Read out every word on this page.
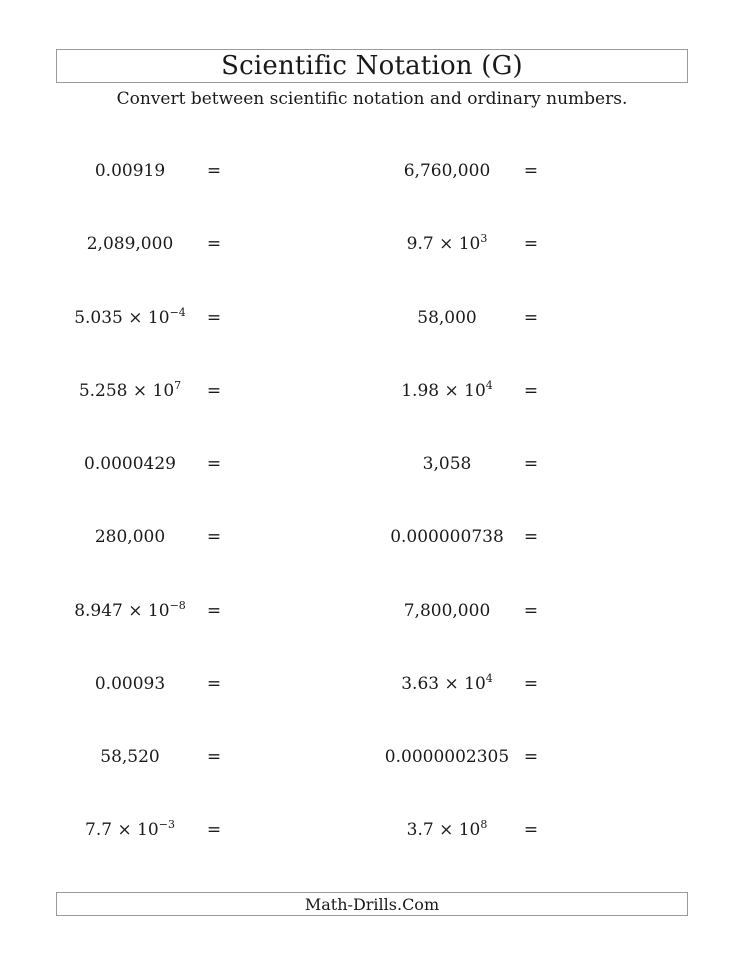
Scientific Notation (G)
Convert between scientific notation and ordinary numbers.
0.00919	=	6,760,000	=
2,089,000	=	$9.7 \times 10^3$	=
$5.035 \times 10^{-4}$	=	58,000	=
$5.258 \times 10^7$	=	$1.98 \times 10^4$	=
0.0000429	=	3,058	=
280,000	=	0.000000738	=
$8.947 \times 10^{-8}$	=	7,800,000	=
0.00093	=	$3.63 \times 10^4$	=
58,520	=	0.0000002305 =
$7.7 \times 10^{-3}$	=	$3.7 \times 10^8$	=
Math-Drills.Com
